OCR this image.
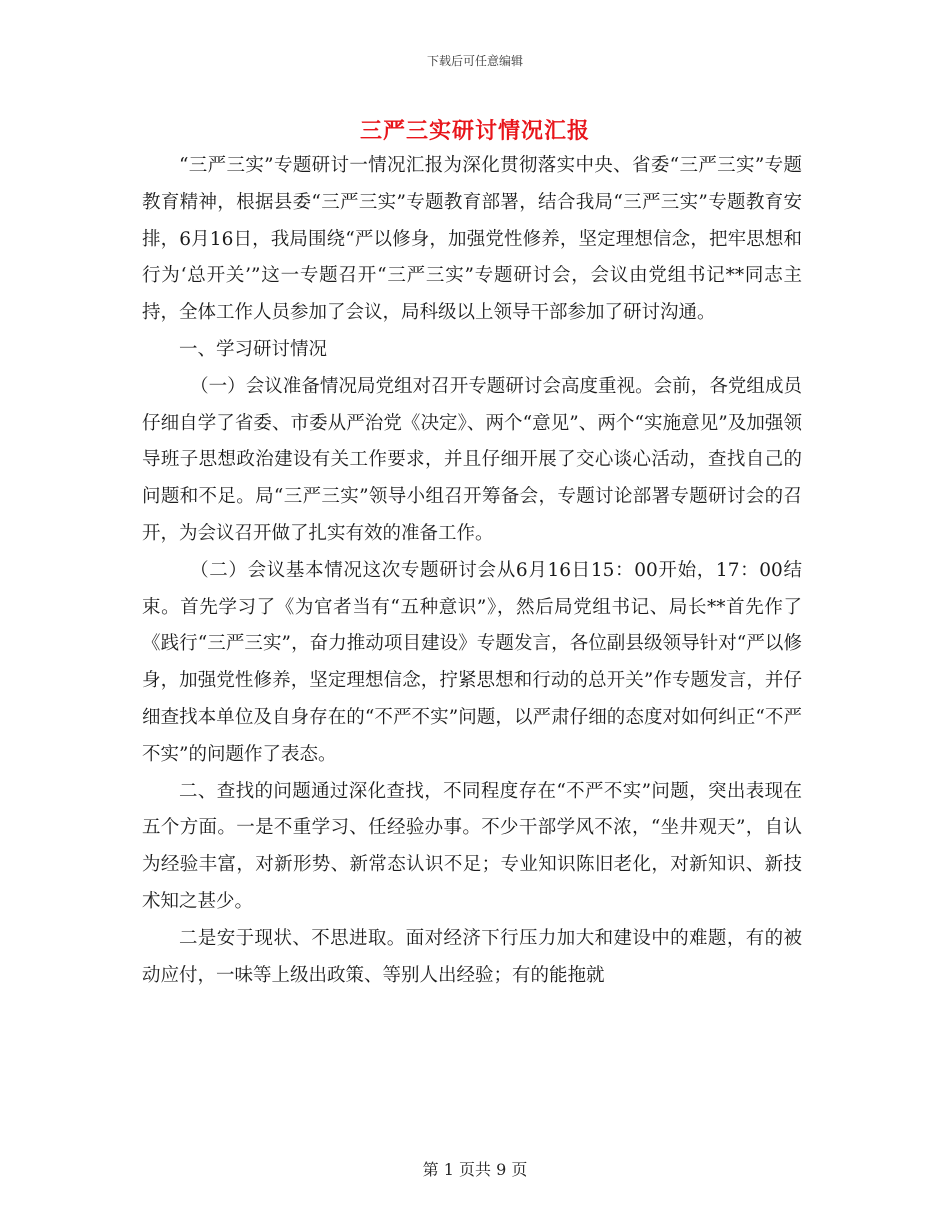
下载后可任意编辑
三严三实研讨情况汇报

“三严三实”专题研讨一情况汇报为深化贯彻落实中央、省委“三严三实”专题教育精神，根据县委“三严三实”专题教育部署，结合我局“三严三实”专题教育安排，6月16日，我局围绕“严以修身，加强党性修养，坚定理想信念，把牢思想和行为‘总开关’”这一专题召开“三严三实”专题研讨会，会议由党组书记**同志主持，全体工作人员参加了会议，局科级以上领导干部参加了研讨沟通。

一、学习研讨情况

（一）会议准备情况局党组对召开专题研讨会高度重视。会前，各党组成员仔细自学了省委、市委从严治党《决定》、两个“意见”、两个“实施意见”及加强领导班子思想政治建设有关工作要求，并且仔细开展了交心谈心活动，查找自己的问题和不足。局“三严三实”领导小组召开筹备会，专题讨论部署专题研讨会的召开，为会议召开做了扎实有效的准备工作。

（二）会议基本情况这次专题研讨会从6月16日15：00开始，17：00结束。首先学习了《为官者当有“五种意识”》，然后局党组书记、局长**首先作了《践行“三严三实”，奋力推动项目建设》专题发言，各位副县级领导针对“严以修身，加强党性修养，坚定理想信念，拧紧思想和行动的总开关”作专题发言，并仔细查找本单位及自身存在的“不严不实”问题，以严肃仔细的态度对如何纠正“不严不实”的问题作了表态。

二、查找的问题通过深化查找，不同程度存在“不严不实”问题，突出表现在五个方面。一是不重学习、任经验办事。不少干部学风不浓，“坐井观天”，自认为经验丰富，对新形势、新常态认识不足；专业知识陈旧老化，对新知识、新技术知之甚少。

二是安于现状、不思进取。面对经济下行压力加大和建设中的难题，有的被动应付，一味等上级出政策、等别人出经验；有的能拖就

第 1 页共 9 页
